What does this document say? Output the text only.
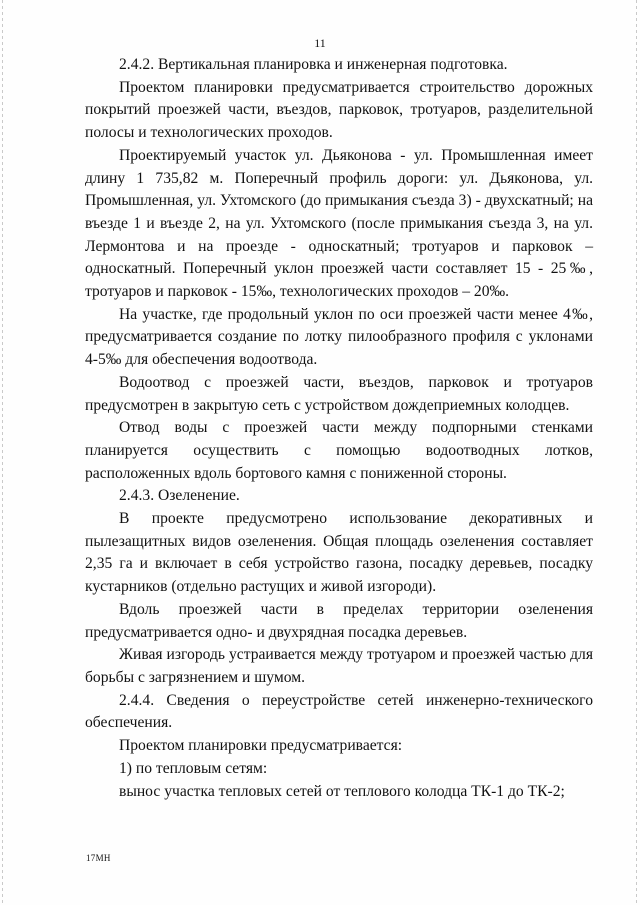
11

2.4.2. Вертикальная планировка и инженерная подготовка.

Проектом планировки предусматривается строительство дорожных покрытий проезжей части, въездов, парковок, тротуаров, разделительной полосы и технологических проходов.

Проектируемый участок ул. Дьяконова - ул. Промышленная имеет длину 1 735,82 м. Поперечный профиль дороги: ул. Дьяконова, ул. Промышленная, ул. Ухтомского (до примыкания съезда 3) - двухскатный; на въезде 1 и въезде 2, на ул. Ухтомского (после примыкания съезда 3, на ул. Лермонтова и на проезде - односкатный; тротуаров и парковок – односкатный. Поперечный уклон проезжей части составляет 15 - 25‰, тротуаров и парковок - 15‰, технологических проходов – 20‰.

На участке, где продольный уклон по оси проезжей части менее 4‰, предусматривается создание по лотку пилообразного профиля с уклонами 4-5‰ для обеспечения водоотвода.

Водоотвод с проезжей части, въездов, парковок и тротуаров предусмотрен в закрытую сеть с устройством дождеприемных колодцев.

Отвод воды с проезжей части между подпорными стенками планируется осуществить с помощью водоотводных лотков, расположенных вдоль бортового камня с пониженной стороны.

2.4.3. Озеленение.

В проекте предусмотрено использование декоративных и пылезащитных видов озеленения. Общая площадь озеленения составляет 2,35 га и включает в себя устройство газона, посадку деревьев, посадку кустарников (отдельно растущих и живой изгороди).

Вдоль проезжей части в пределах территории озеленения предусматривается одно- и двухрядная посадка деревьев.

Живая изгородь устраивается между тротуаром и проезжей частью для борьбы с загрязнением и шумом.

2.4.4. Сведения о переустройстве сетей инженерно-технического обеспечения.

Проектом планировки предусматривается:

1) по тепловым сетям:

вынос участка тепловых сетей от теплового колодца ТК-1 до ТК-2;

17МН
